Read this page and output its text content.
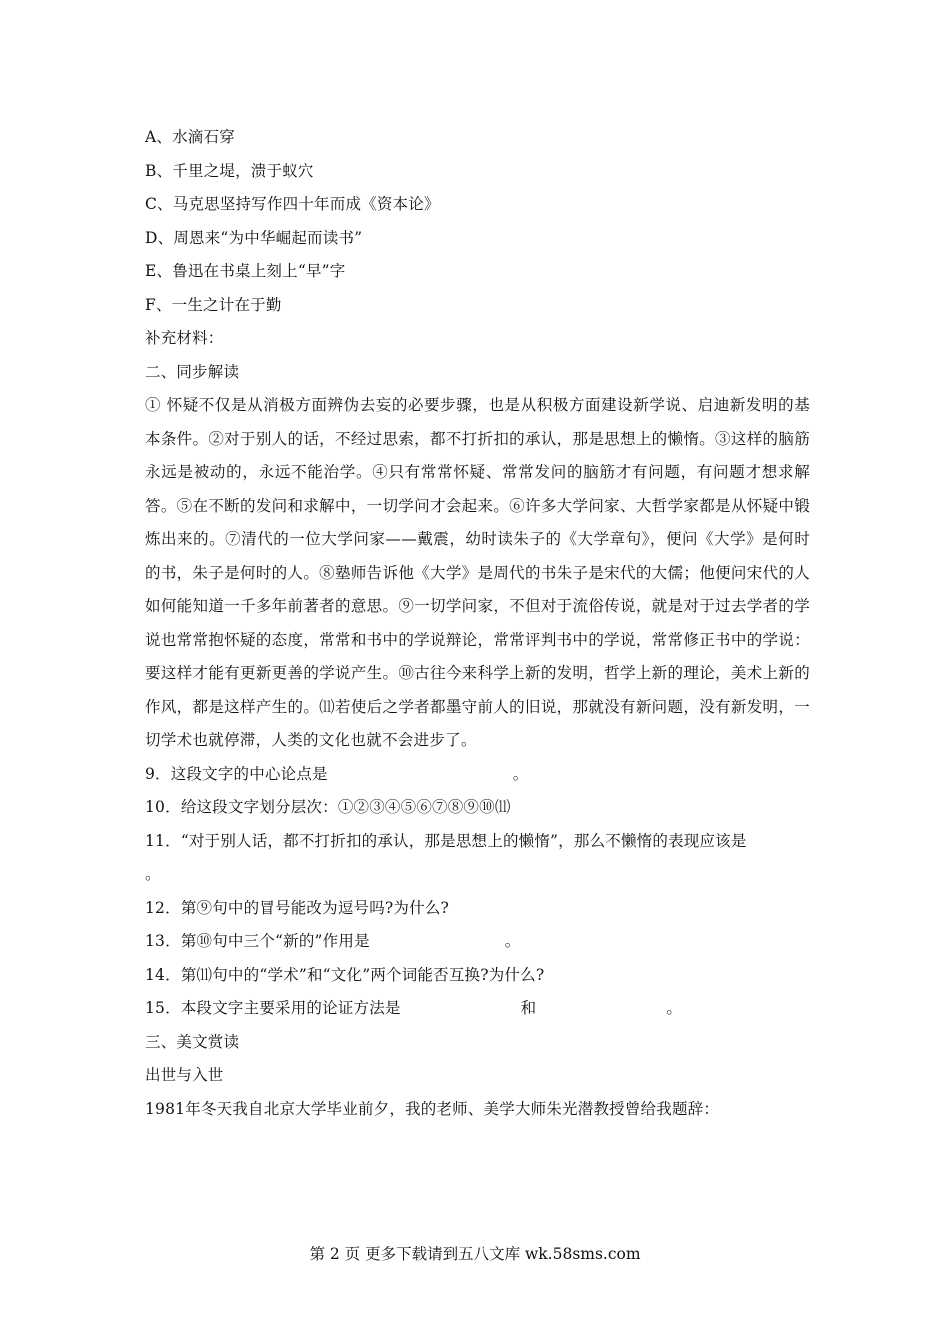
A、水滴石穿
B、千里之堤，溃于蚁穴
C、马克思坚持写作四十年而成《资本论》
D、周恩来“为中华崛起而读书”
E、鲁迅在书桌上刻上“早”字
F、一生之计在于勤
补充材料：
二、同步解读
① 怀疑不仅是从消极方面辨伪去妄的必要步骤，也是从积极方面建设新学说、启迪新发明的基本条件。②对于别人的话，不经过思索，都不打折扣的承认，那是思想上的懒惰。③这样的脑筋永远是被动的，永远不能治学。④只有常常怀疑、常常发问的脑筋才有问题，有问题才想求解答。⑤在不断的发问和求解中，一切学问才会起来。⑥许多大学问家、大哲学家都是从怀疑中锻炼出来的。⑦清代的一位大学问家——戴震，幼时读朱子的《大学章句》，便问《大学》是何时的书，朱子是何时的人。⑧塾师告诉他《大学》是周代的书朱子是宋代的大儒；他便问宋代的人如何能知道一千多年前著者的意思。⑨一切学问家，不但对于流俗传说，就是对于过去学者的学说也常常抱怀疑的态度，常常和书中的学说辩论，常常评判书中的学说，常常修正书中的学说：要这样才能有更新更善的学说产生。⑩古往今来科学上新的发明，哲学上新的理论，美术上新的作风，都是这样产生的。⑾若使后之学者都墨守前人的旧说，那就没有新问题，没有新发明，一切学术也就停滞，人类的文化也就不会进步了。
9．这段文字的中心论点是	。
10．给这段文字划分层次：①②③④⑤⑥⑦⑧⑨⑩⑾
11．“对于别人话，都不打折扣的承认，那是思想上的懒惰”，那么不懒惰的表现应该是
。
12．第⑨句中的冒号能改为逗号吗?为什么?
13．第⑩句中三个“新的”作用是	。
14．第⑾句中的“学术”和“文化”两个词能否互换?为什么?
15．本段文字主要采用的论证方法是	和	。
三、美文赏读
出世与入世
1981年冬天我自北京大学毕业前夕，我的老师、美学大师朱光潜教授曾给我题辞：
第 2 页 更多下载请到五八文库 wk.58sms.com
